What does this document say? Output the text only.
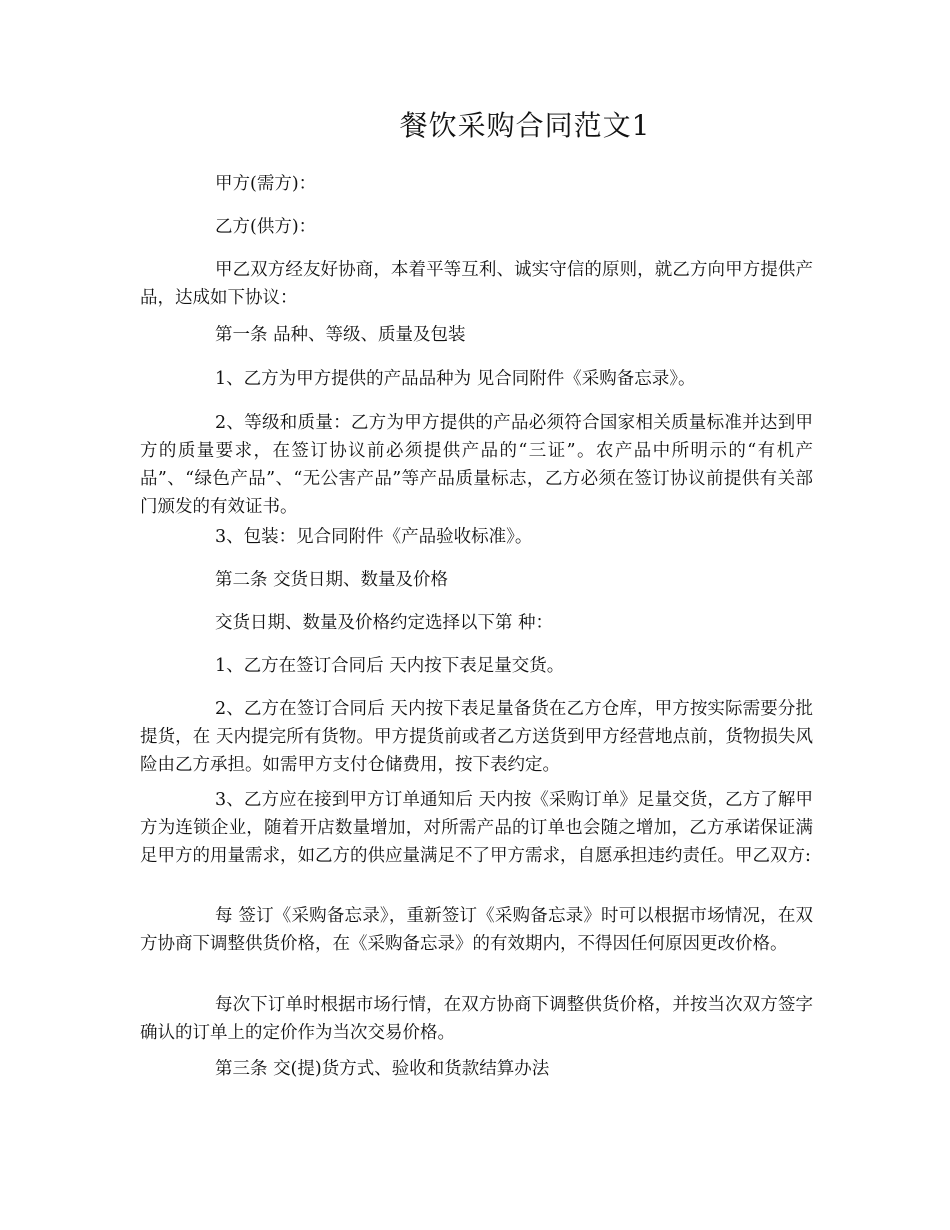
餐饮采购合同范文1
甲方(需方)：
乙方(供方)：
甲乙双方经友好协商，本着平等互利、诚实守信的原则，就乙方向甲方提供产品，达成如下协议：
第一条 品种、等级、质量及包装
1、乙方为甲方提供的产品品种为 见合同附件《采购备忘录》。
2、等级和质量：乙方为甲方提供的产品必须符合国家相关质量标准并达到甲方的质量要求，在签订协议前必须提供产品的“三证”。农产品中所明示的“有机产品”、“绿色产品”、“无公害产品”等产品质量标志，乙方必须在签订协议前提供有关部门颁发的有效证书。
3、包装：见合同附件《产品验收标准》。
第二条 交货日期、数量及价格
交货日期、数量及价格约定选择以下第 种：
1、乙方在签订合同后 天内按下表足量交货。
2、乙方在签订合同后 天内按下表足量备货在乙方仓库，甲方按实际需要分批提货，在 天内提完所有货物。甲方提货前或者乙方送货到甲方经营地点前，货物损失风险由乙方承担。如需甲方支付仓储费用，按下表约定。
3、乙方应在接到甲方订单通知后 天内按《采购订单》足量交货，乙方了解甲方为连锁企业，随着开店数量增加，对所需产品的订单也会随之增加，乙方承诺保证满足甲方的用量需求，如乙方的供应量满足不了甲方需求，自愿承担违约责任。甲乙双方:
每 签订《采购备忘录》，重新签订《采购备忘录》时可以根据市场情况，在双方协商下调整供货价格，在《采购备忘录》的有效期内，不得因任何原因更改价格。
每次下订单时根据市场行情，在双方协商下调整供货价格，并按当次双方签字确认的订单上的定价作为当次交易价格。
第三条 交(提)货方式、验收和货款结算办法
